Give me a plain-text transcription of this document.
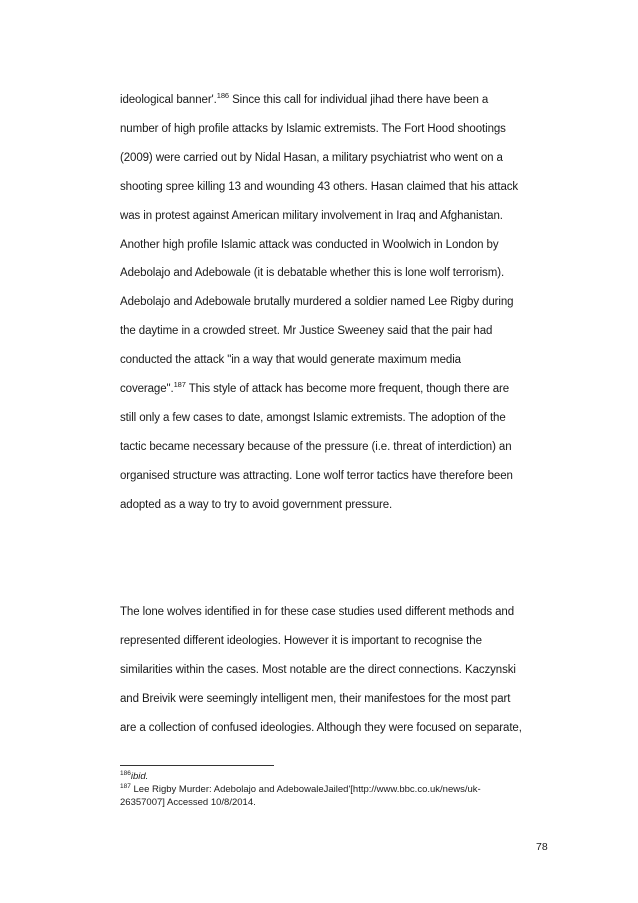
ideological banner'.$^{186}$ Since this call for individual jihad there have been a
number of high profile attacks by Islamic extremists. The Fort Hood shootings
(2009) were carried out by Nidal Hasan, a military psychiatrist who went on a
shooting spree killing 13 and wounding 43 others. Hasan claimed that his attack
was in protest against American military involvement in Iraq and Afghanistan.
Another high profile Islamic attack was conducted in Woolwich in London by
Adebolajo and Adebowale (it is debatable whether this is lone wolf terrorism).
Adebolajo and Adebowale brutally murdered a soldier named Lee Rigby during
the daytime in a crowded street. Mr Justice Sweeney said that the pair had
conducted the attack "in a way that would generate maximum media
coverage".$^{187}$ This style of attack has become more frequent, though there are
still only a few cases to date, amongst Islamic extremists. The adoption of the
tactic became necessary because of the pressure (i.e. threat of interdiction) an
organised structure was attracting. Lone wolf terror tactics have therefore been
adopted as a way to try to avoid government pressure.
The lone wolves identified in for these case studies used different methods and
represented different ideologies. However it is important to recognise the
similarities within the cases. Most notable are the direct connections. Kaczynski
and Breivik were seemingly intelligent men, their manifestoes for the most part
are a collection of confused ideologies. Although they were focused on separate,
$^{186}$ibid.
$^{187}$ Lee Rigby Murder: Adebolajo and AdebowaleJailed'[http://www.bbc.co.uk/news/uk-
26357007] Accessed 10/8/2014.
78
